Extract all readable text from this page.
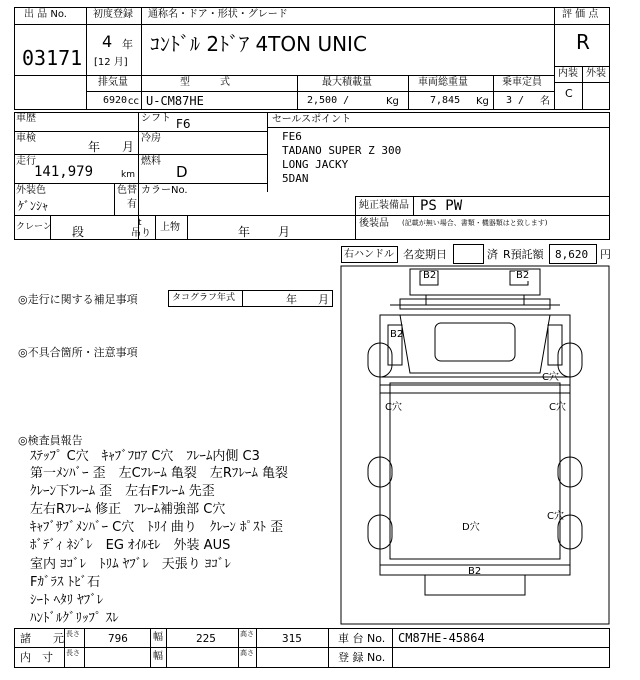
出 品 No.
03171
初度登録 通称名・ドア・形状・グレード
4 年
[12 月]
ｺﾝﾄﾞﾙ 2ﾄﾞｱ 4TON UNIC
評 価 点
R
内装 外装
C
排気量
6920 cc
型　　　式
U-CM87HE
最大積載量
2,500 /	Kg
車両総重量
7,845 Kg
乗車定員
3 / 名
車歴	シフト F6
車検
年 月
冷房
走行
141,979	km
燃料
D
外装色
ｹﾞﾝｼｬ
色替
有
カラーNo.
クレーン 段
t
吊り
上物	年 月
セールスポイント
FE6
TADANO SUPER Z 300
LONG JACKY
5DAN
純正装備品 PS PW
後装品 (記載が無い場合、書類・機器類はと致します)
右ハンドル 名変期日	済 R預託額 8,620 円
◎走行に関する補足事項	タコグラフ年式	年 月
◎不具合箇所・注意事項
◎検査員報告
ｽﾃｯﾌﾟ C穴　ｷｬﾌﾞﾌﾛｱ C穴　ﾌﾚｰﾑ内側 C3
第一ﾒﾝﾊﾞｰ 歪　左Cﾌﾚｰﾑ 亀裂　左Rﾌﾚｰﾑ 亀裂
ｸﾚｰﾝ下ﾌﾚｰﾑ 歪　左右Fﾌﾚｰﾑ 先歪
左右Rﾌﾚｰﾑ 修正　ﾌﾚｰﾑ補強部 C穴
ｷｬﾌﾞｻﾌﾞﾒﾝﾊﾞｰ C穴　ﾄﾘｲ 曲り　ｸﾚｰﾝ ﾎﾟｽﾄ 歪
ﾎﾞﾃﾞｨ ﾈｼﾞﾚ　EG ｵｲﾙﾓﾚ　外装 AUS
室内 ﾖｺﾞﾚ　ﾄﾘﾑ ﾔﾌﾞﾚ　天張り ﾖｺﾞﾚ
Fｶﾞﾗｽ ﾄﾋﾞ石
ｼｰﾄ ﾍﾀﾘ ﾔﾌﾞﾚ
ﾊﾝﾄﾞﾙｸﾞﾘｯﾌﾟ ｽﾚ
B2	B2
B2
C穴
C穴	C穴
C穴
D穴
B2
諸　　元 長さ	796	幅	225	高さ	315	車 台 No. CM87HE-45864
内　寸 長さ	幅	高さ	登 録 No.
